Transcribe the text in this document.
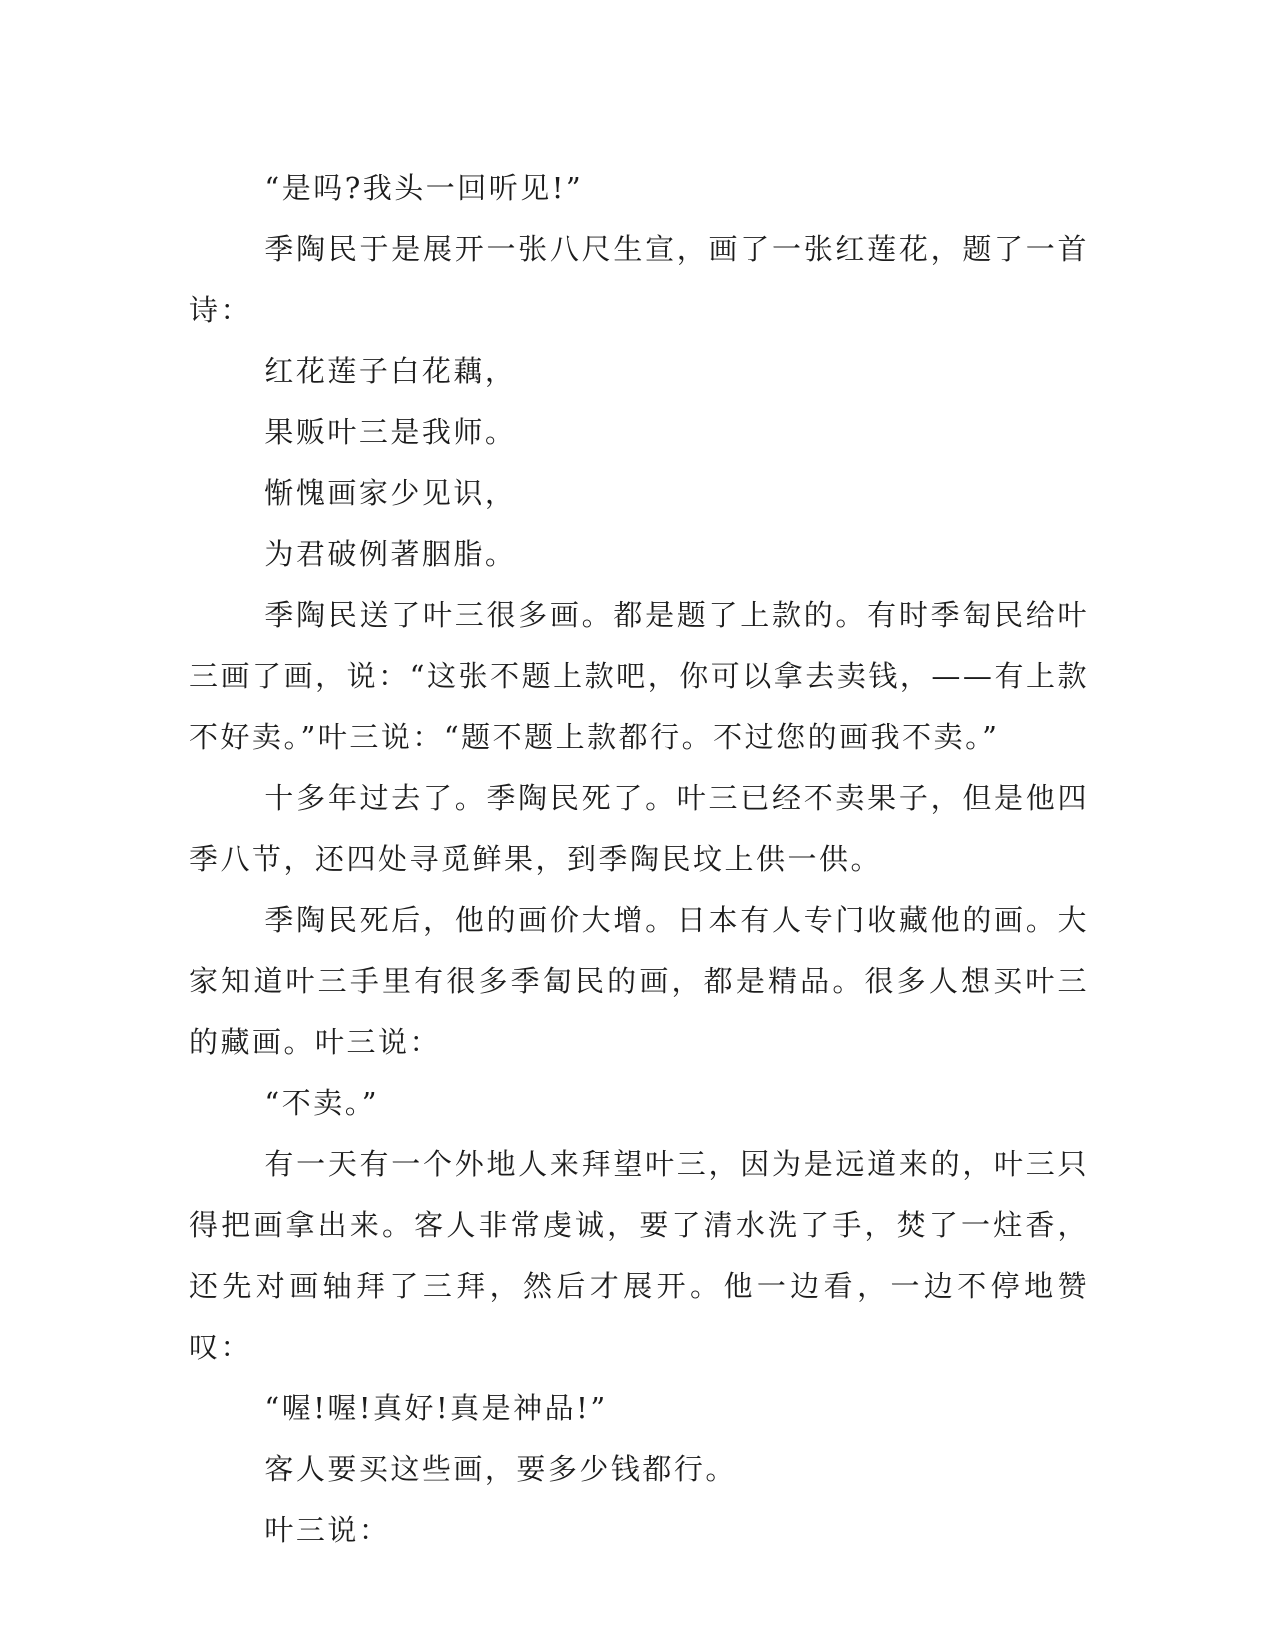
“是吗?我头一回听见!”

季陶民于是展开一张八尺生宣，画了一张红莲花，题了一首诗：

红花莲子白花藕，

果贩叶三是我师。

惭愧画家少见识，

为君破例著胭脂。

季陶民送了叶三很多画。都是题了上款的。有时季匋民给叶三画了画，说：“这张不题上款吧，你可以拿去卖钱，——有上款不好卖。”叶三说：“题不题上款都行。不过您的画我不卖。”

十多年过去了。季陶民死了。叶三已经不卖果子，但是他四季八节，还四处寻觅鲜果，到季陶民坟上供一供。

季陶民死后，他的画价大增。日本有人专门收藏他的画。大家知道叶三手里有很多季匐民的画，都是精品。很多人想买叶三的藏画。叶三说：

“不卖。”

有一天有一个外地人来拜望叶三，因为是远道来的，叶三只得把画拿出来。客人非常虔诚，要了清水洗了手，焚了一炷香，还先对画轴拜了三拜，然后才展开。他一边看，一边不停地赞叹：

“喔!喔!真好!真是神品!”

客人要买这些画，要多少钱都行。

叶三说：
